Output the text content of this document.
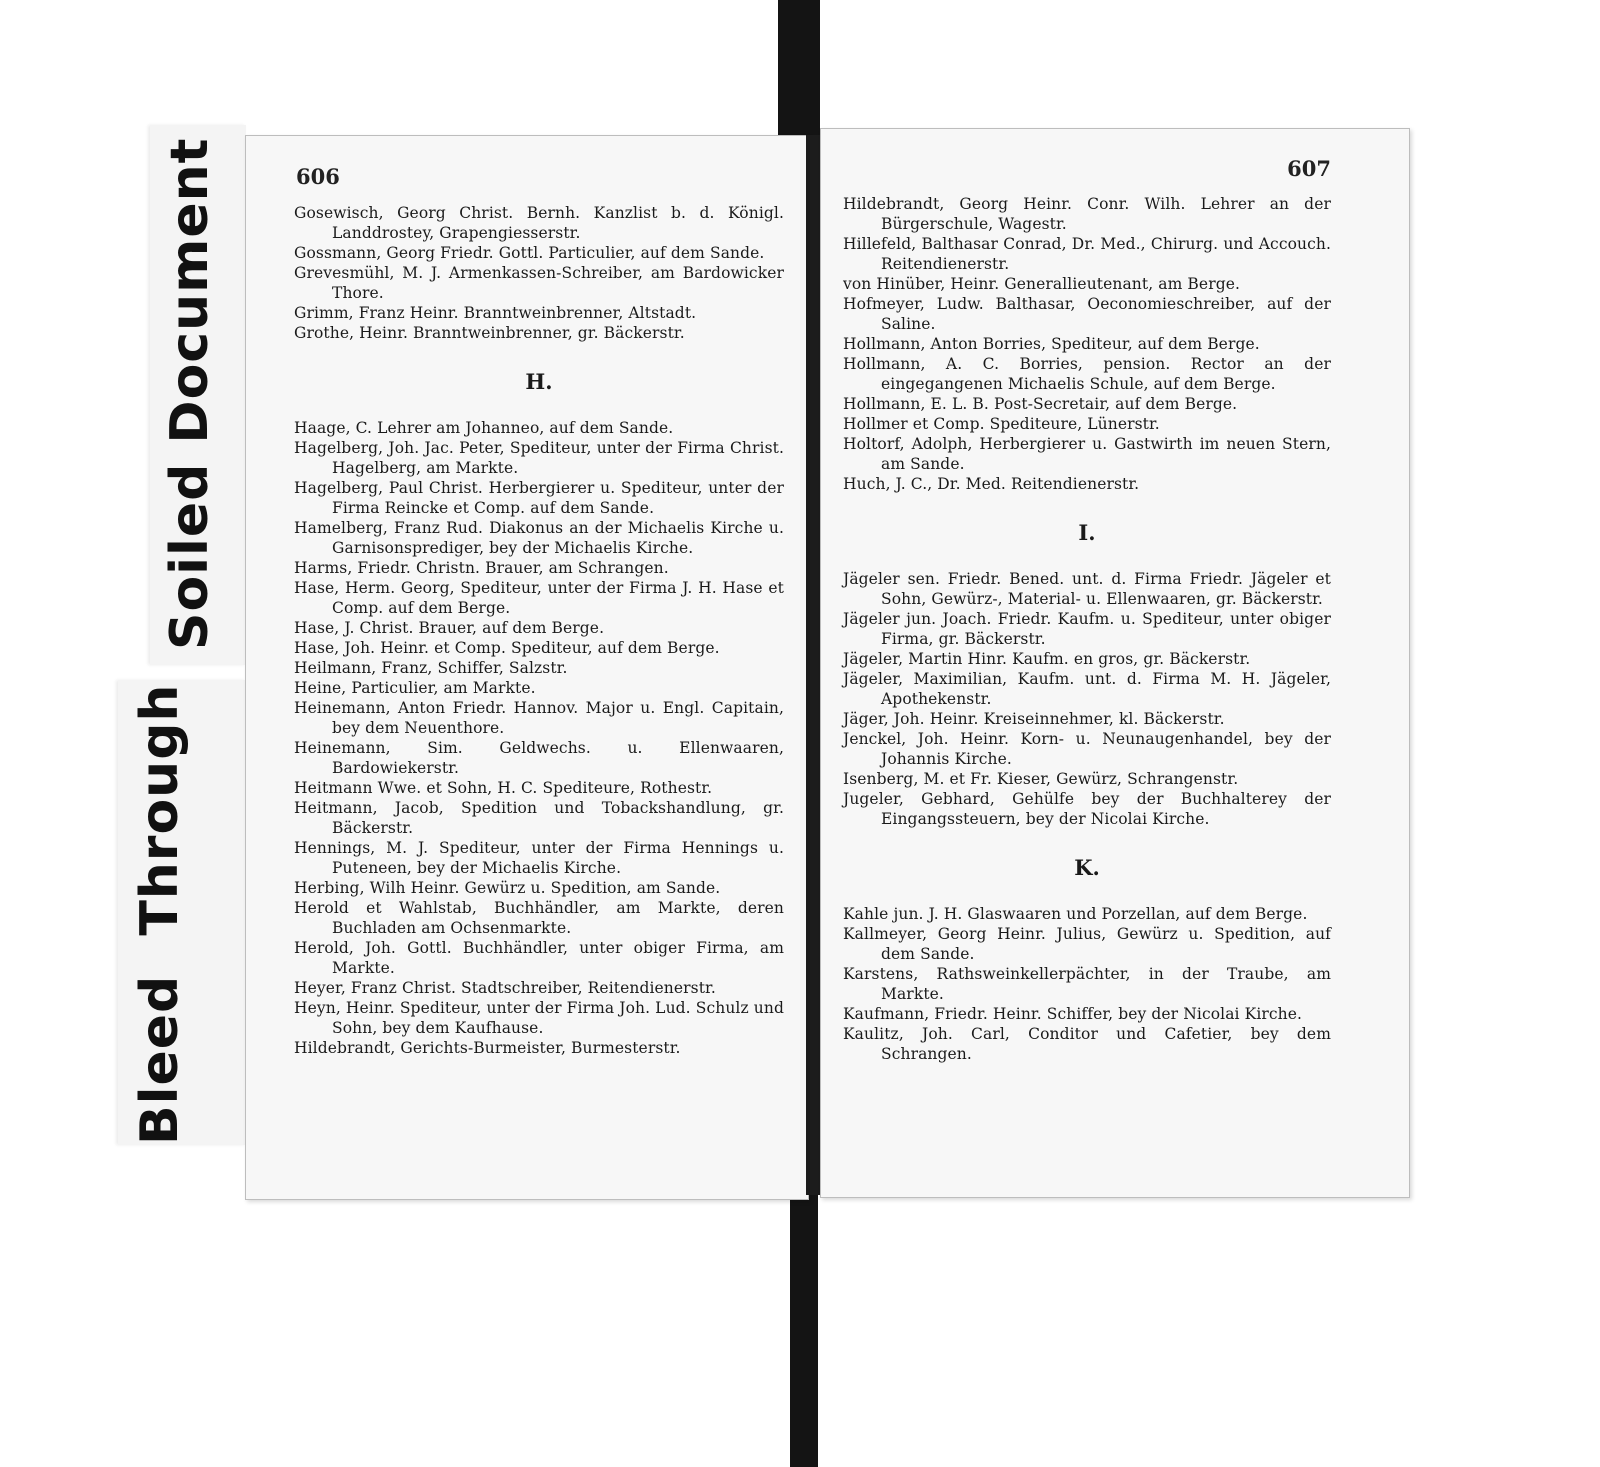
Soiled Document
Bleed Through
606

Gosewisch, Georg Christ. Bernh. Kanzlist b. d. Königl. Landdrostey, Grapengiesserstr.

Gossmann, Georg Friedr. Gottl. Particulier, auf dem Sande.

Grevesmühl, M. J. Armenkassen-Schreiber, am Bardowicker Thore.

Grimm, Franz Heinr. Branntweinbrenner, Altstadt.

Grothe, Heinr. Branntweinbrenner, gr. Bäckerstr.

H.

Haage, C. Lehrer am Johanneo, auf dem Sande.

Hagelberg, Joh. Jac. Peter, Spediteur, unter der Firma Christ. Hagelberg, am Markte.

Hagelberg, Paul Christ. Herbergierer u. Spediteur, unter der Firma Reincke et Comp. auf dem Sande.

Hamelberg, Franz Rud. Diakonus an der Michaelis Kirche u. Garnisonsprediger, bey der Michaelis Kirche.

Harms, Friedr. Christn. Brauer, am Schrangen.

Hase, Herm. Georg, Spediteur, unter der Firma J. H. Hase et Comp. auf dem Berge.

Hase, J. Christ. Brauer, auf dem Berge.

Hase, Joh. Heinr. et Comp. Spediteur, auf dem Berge.

Heilmann, Franz, Schiffer, Salzstr.

Heine, Particulier, am Markte.

Heinemann, Anton Friedr. Hannov. Major u. Engl. Capitain, bey dem Neuenthore.

Heinemann, Sim. Geldwechs. u. Ellenwaaren, Bardowiekerstr.

Heitmann Wwe. et Sohn, H. C. Spediteure, Rothestr.

Heitmann, Jacob, Spedition und Tobackshandlung, gr. Bäckerstr.

Hennings, M. J. Spediteur, unter der Firma Hennings u. Puteneen, bey der Michaelis Kirche.

Herbing, Wilh Heinr. Gewürz u. Spedition, am Sande.

Herold et Wahlstab, Buchhändler, am Markte, deren Buchladen am Ochsenmarkte.

Herold, Joh. Gottl. Buchhändler, unter obiger Firma, am Markte.

Heyer, Franz Christ. Stadtschreiber, Reitendienerstr.

Heyn, Heinr. Spediteur, unter der Firma Joh. Lud. Schulz und Sohn, bey dem Kaufhause.

Hildebrandt, Gerichts-Burmeister, Burmesterstr.

607

Hildebrandt, Georg Heinr. Conr. Wilh. Lehrer an der Bürgerschule, Wagestr.

Hillefeld, Balthasar Conrad, Dr. Med., Chirurg. und Accouch. Reitendienerstr.

von Hinüber, Heinr. Generallieutenant, am Berge.

Hofmeyer, Ludw. Balthasar, Oeconomieschreiber, auf der Saline.

Hollmann, Anton Borries, Spediteur, auf dem Berge.

Hollmann, A. C. Borries, pension. Rector an der eingegangenen Michaelis Schule, auf dem Berge.

Hollmann, E. L. B. Post-Secretair, auf dem Berge.

Hollmer et Comp. Spediteure, Lünerstr.

Holtorf, Adolph, Herbergierer u. Gastwirth im neuen Stern, am Sande.

Huch, J. C., Dr. Med. Reitendienerstr.

I.

Jägeler sen. Friedr. Bened. unt. d. Firma Friedr. Jägeler et Sohn, Gewürz-, Material- u. Ellenwaaren, gr. Bäckerstr.

Jägeler jun. Joach. Friedr. Kaufm. u. Spediteur, unter obiger Firma, gr. Bäckerstr.

Jägeler, Martin Hinr. Kaufm. en gros, gr. Bäckerstr.

Jägeler, Maximilian, Kaufm. unt. d. Firma M. H. Jägeler, Apothekenstr.

Jäger, Joh. Heinr. Kreiseinnehmer, kl. Bäckerstr.

Jenckel, Joh. Heinr. Korn- u. Neunaugenhandel, bey der Johannis Kirche.

Isenberg, M. et Fr. Kieser, Gewürz, Schrangenstr.

Jugeler, Gebhard, Gehülfe bey der Buchhalterey der Eingangssteuern, bey der Nicolai Kirche.

K.

Kahle jun. J. H. Glaswaaren und Porzellan, auf dem Berge.

Kallmeyer, Georg Heinr. Julius, Gewürz u. Spedition, auf dem Sande.

Karstens, Rathsweinkellerpächter, in der Traube, am Markte.

Kaufmann, Friedr. Heinr. Schiffer, bey der Nicolai Kirche.

Kaulitz, Joh. Carl, Conditor und Cafetier, bey dem Schrangen.
